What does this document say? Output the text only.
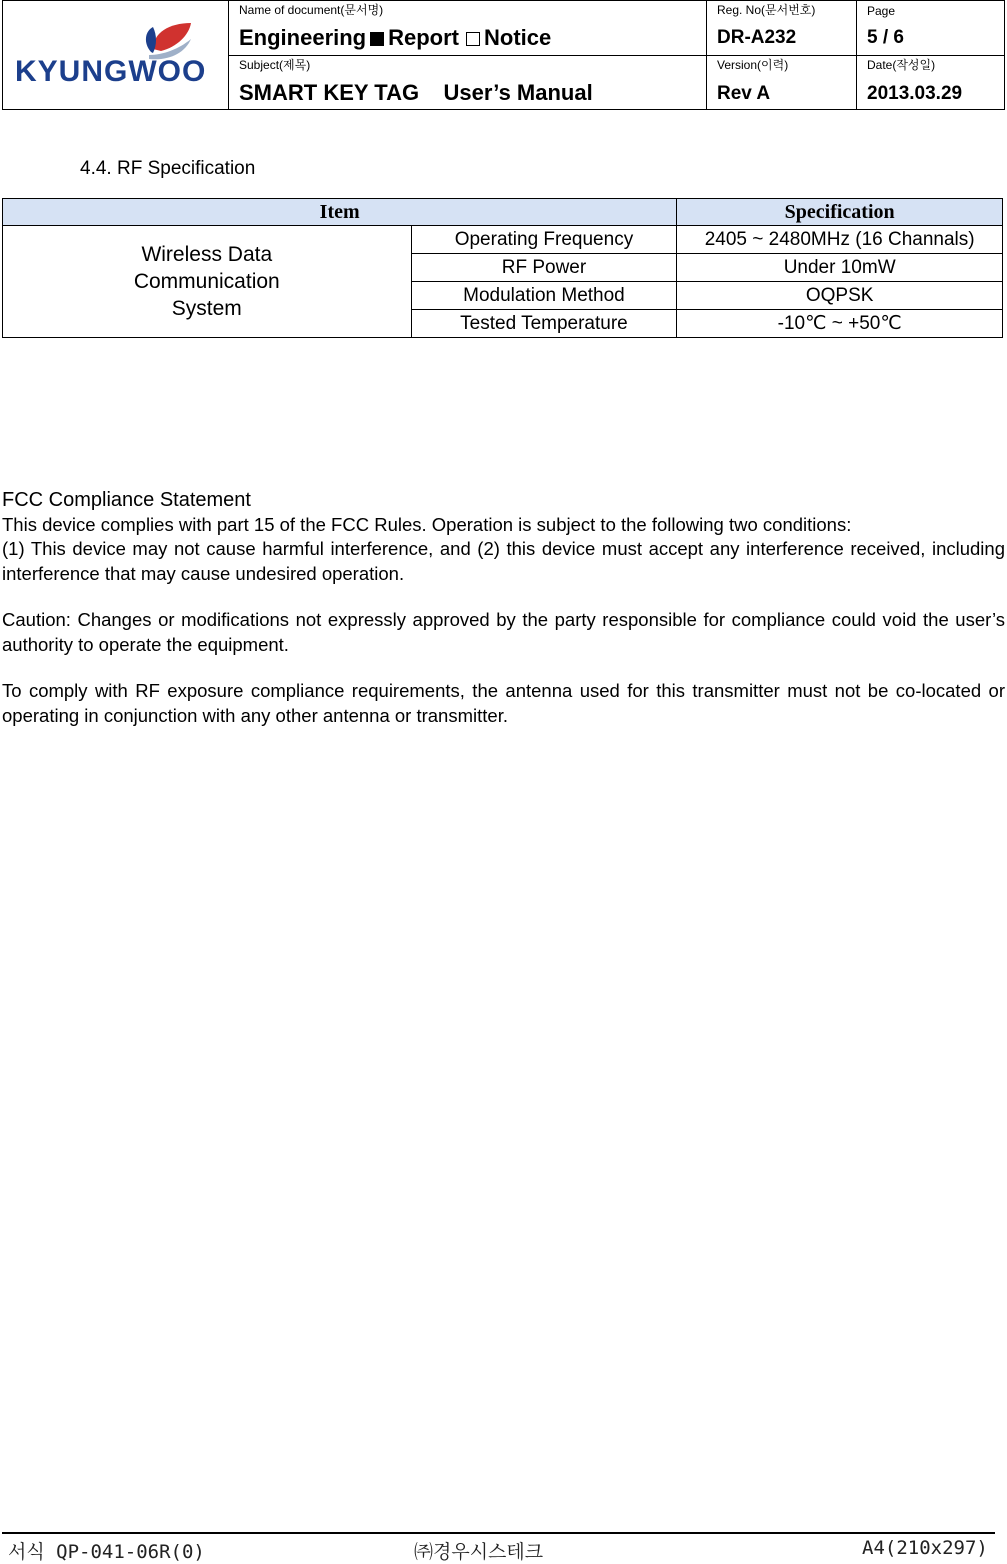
KYUNGWOO
Name of document(문서명)
Engineering Report Notice
Reg. No(문서번호)
DR-A232
Page
5 / 6
Subject(제목)
SMART KEY TAG    User’s Manual
Version(이력)
Rev A
Date(작성일)
2013.03.29
4.4. RF Specification
Item		Specification
Wireless Data
Communication
System	Operating Frequency	2405 ~ 2480MHz (16 Channals)
	RF Power	Under 10mW
	Modulation Method	OQPSK
	Tested Temperature	-10℃ ~ +50℃

FCC Compliance Statement

This device complies with part 15 of the FCC Rules. Operation is subject to the following two conditions:

(1) This device may not cause harmful interference, and (2) this device must accept any interference received, including interference that may cause undesired operation.

Caution: Changes or modifications not expressly approved by the party responsible for compliance could void the user’s authority to operate the equipment.

To comply with RF exposure compliance requirements, the antenna used for this transmitter must not be co-located or operating in conjunction with any other antenna or transmitter.

서식 QP-041-06R(0)	㈜경우시스테크	A4(210x297)
